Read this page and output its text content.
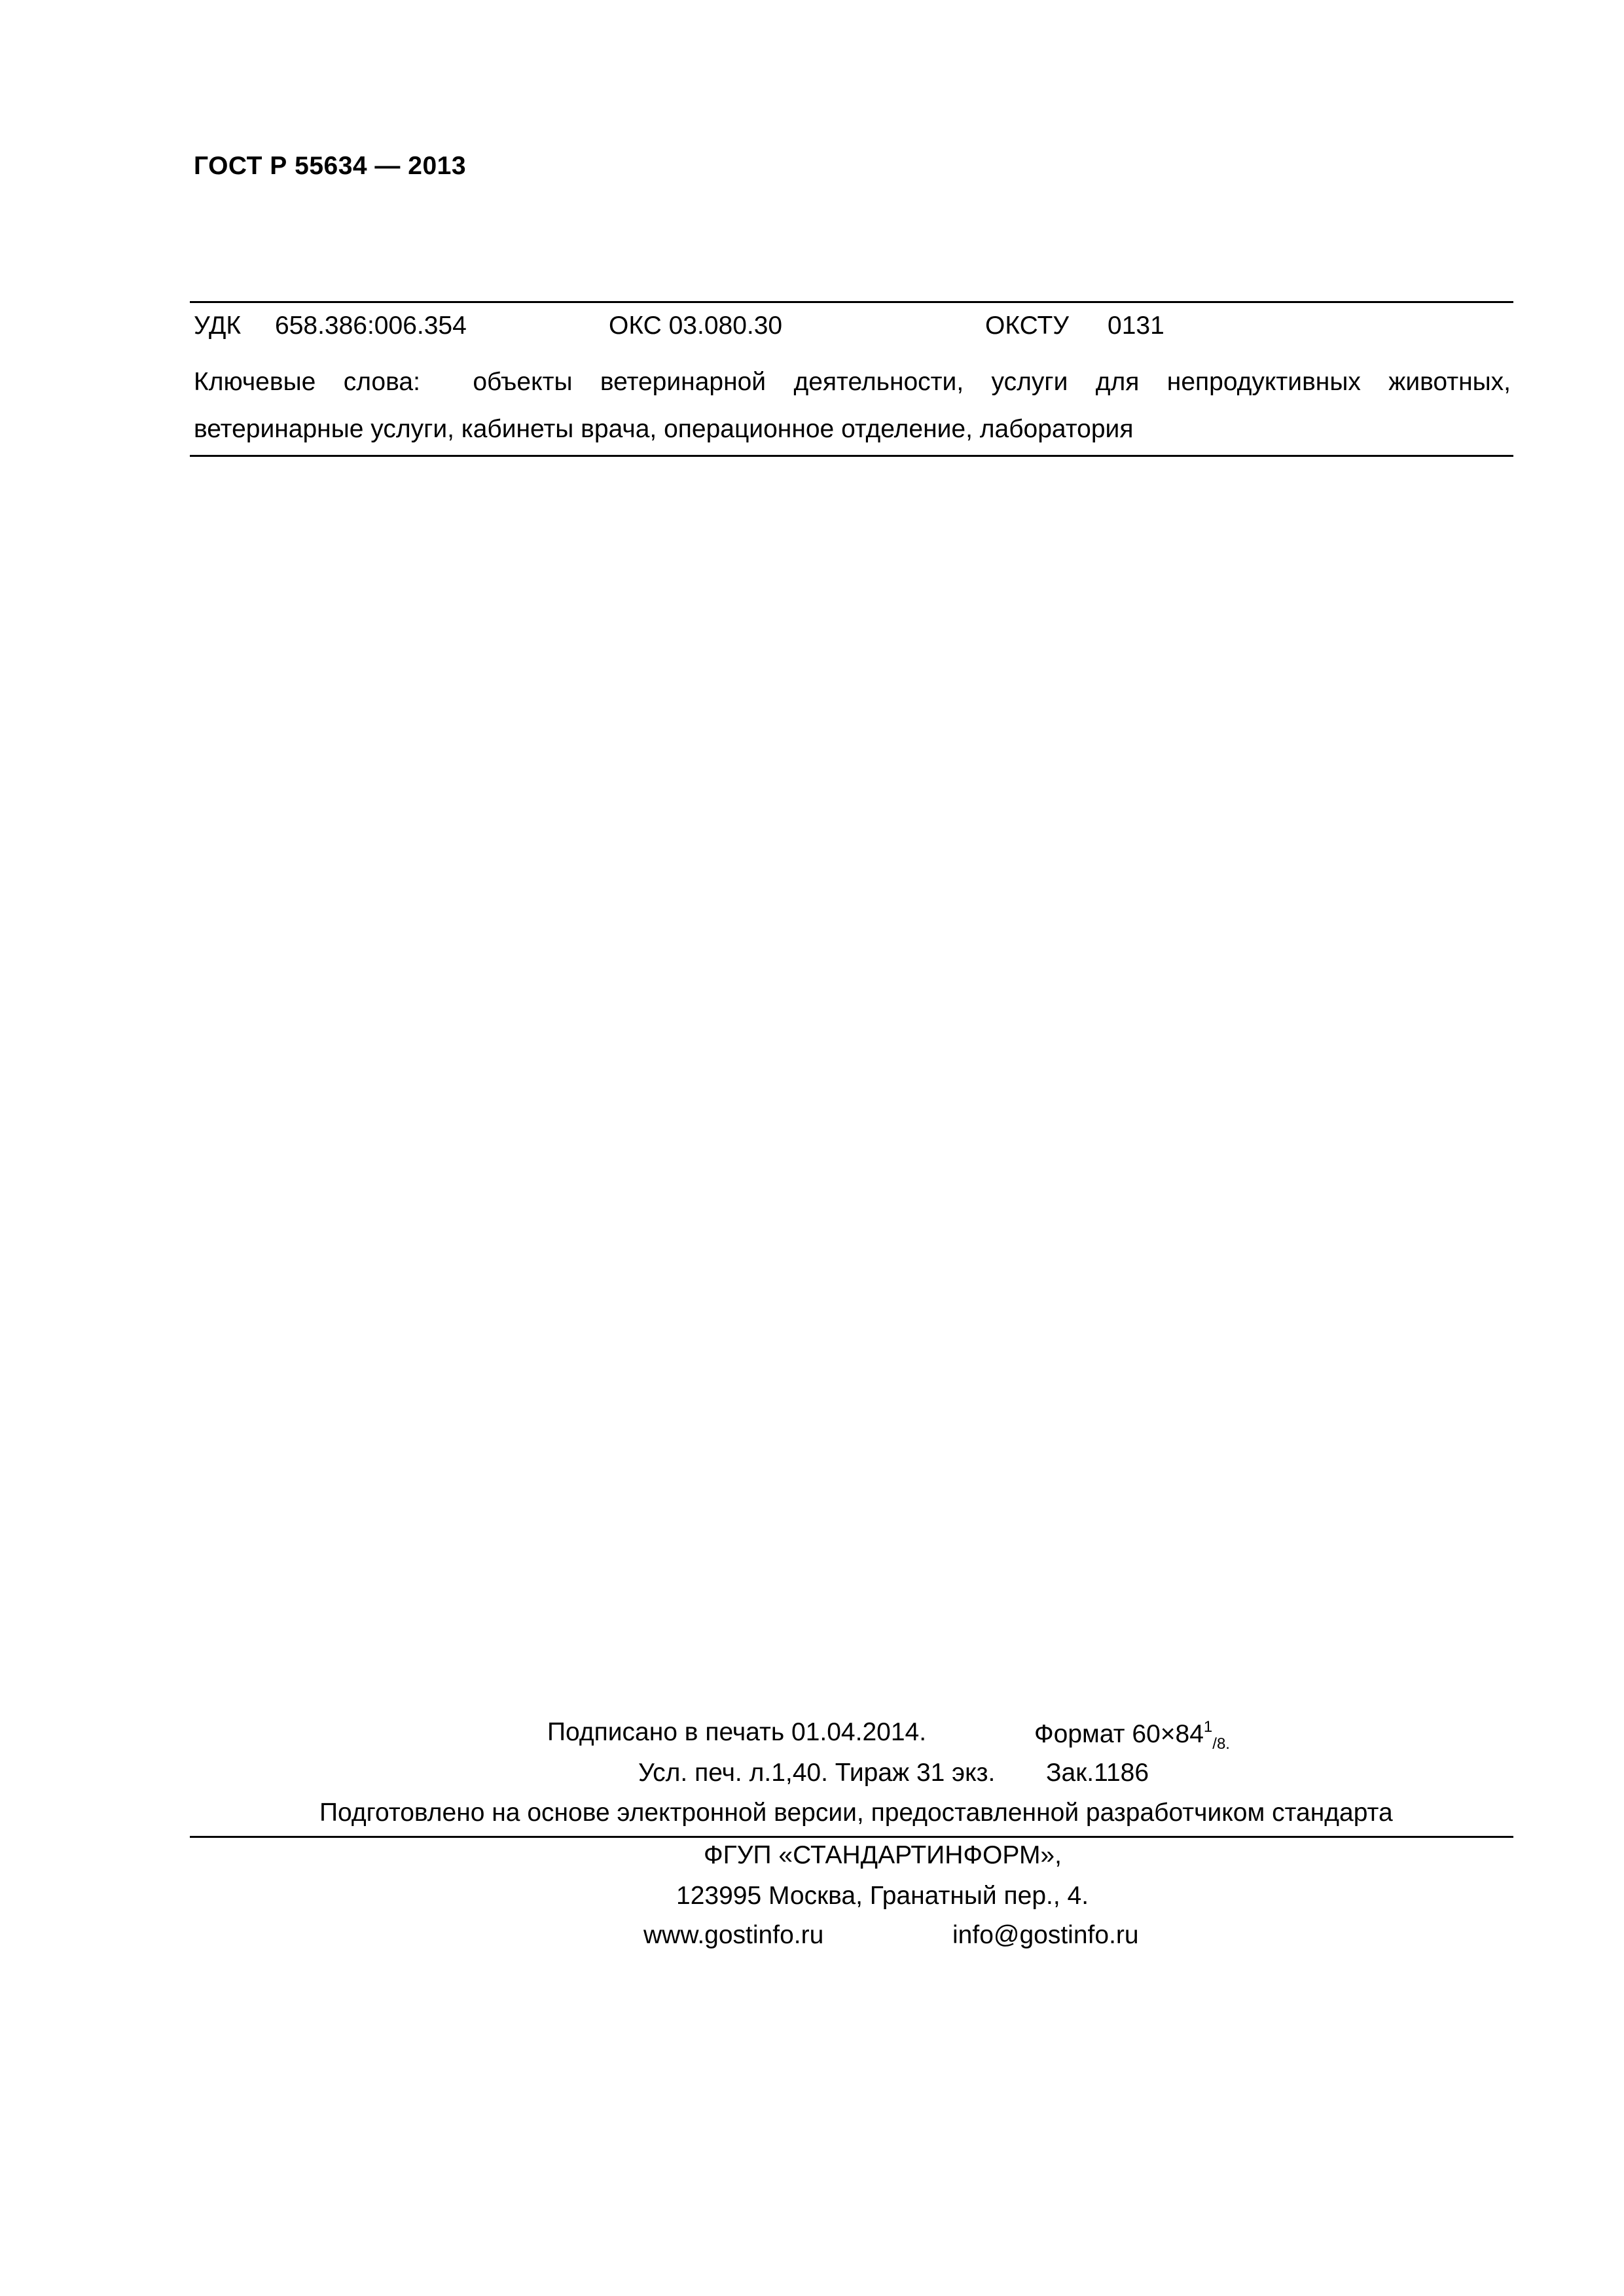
ГОСТ Р 55634 — 2013
УДК 658.386:006.354	ОКС 03.080.30	ОКСТУ 0131
Ключевые слова: объекты ветеринарной деятельности, услуги для непродуктивных животных, ветеринарные услуги, кабинеты врача, операционное отделение, лаборатория
Подписано в печать 01.04.2014.	Формат $60\times 84^1_{/8.}$
Усл. печ. л.1,40. Тираж 31 экз. Зак.1186
Подготовлено на основе электронной версии, предоставленной разработчиком стандарта
ФГУП «СТАНДАРТИНФОРМ»,
123995 Москва, Гранатный пер., 4.
www.gostinfo.ru	info@gostinfo.ru
